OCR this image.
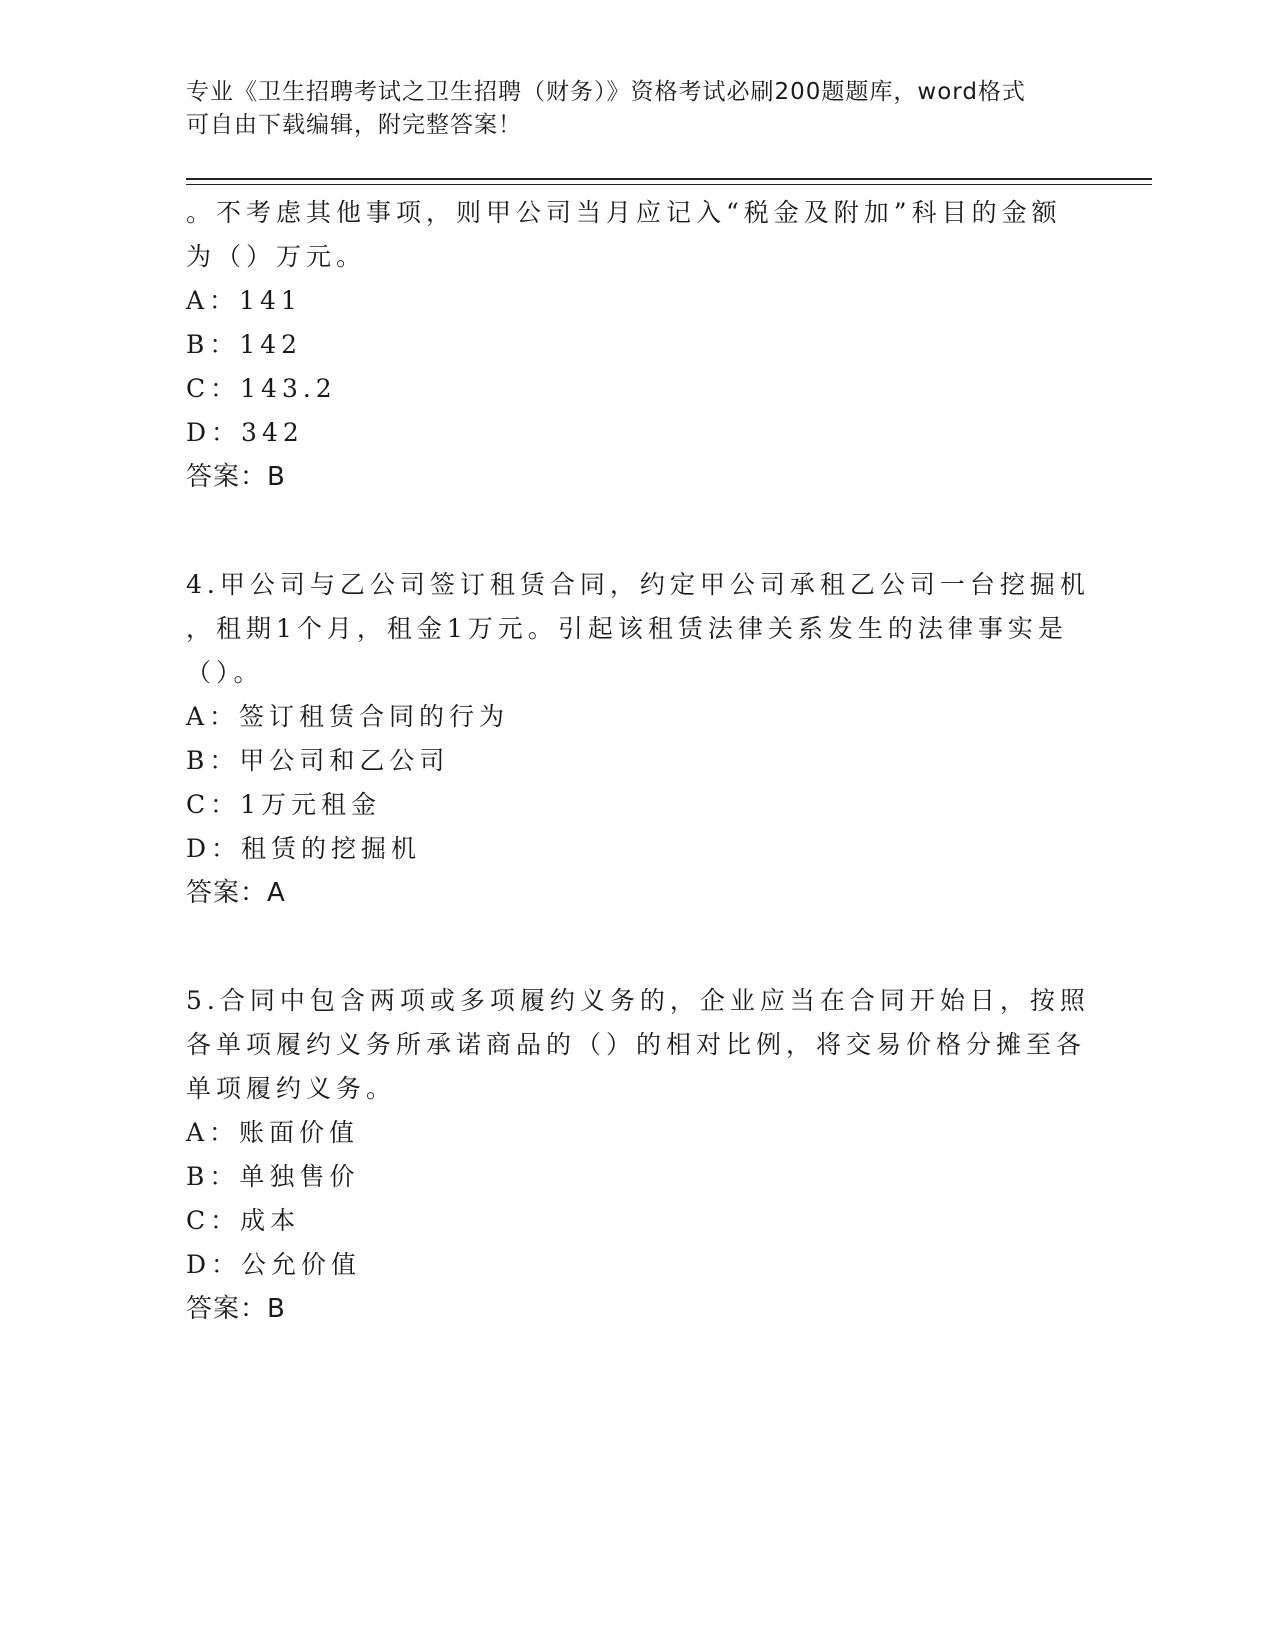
专业《卫生招聘考试之卫生招聘（财务）》资格考试必刷200题题库，word格式
可自由下载编辑，附完整答案！
。不考虑其他事项，则甲公司当月应记入“税金及附加”科目的金额
为（）万元。
A：141
B：142
C：143.2
D：342
答案：B
4.甲公司与乙公司签订租赁合同，约定甲公司承租乙公司一台挖掘机
，租期1个月，租金1万元。引起该租赁法律关系发生的法律事实是
（）。
A：签订租赁合同的行为
B：甲公司和乙公司
C：1万元租金
D：租赁的挖掘机
答案：A
5.合同中包含两项或多项履约义务的，企业应当在合同开始日，按照
各单项履约义务所承诺商品的（）的相对比例，将交易价格分摊至各
单项履约义务。
A：账面价值
B：单独售价
C：成本
D：公允价值
答案：B
